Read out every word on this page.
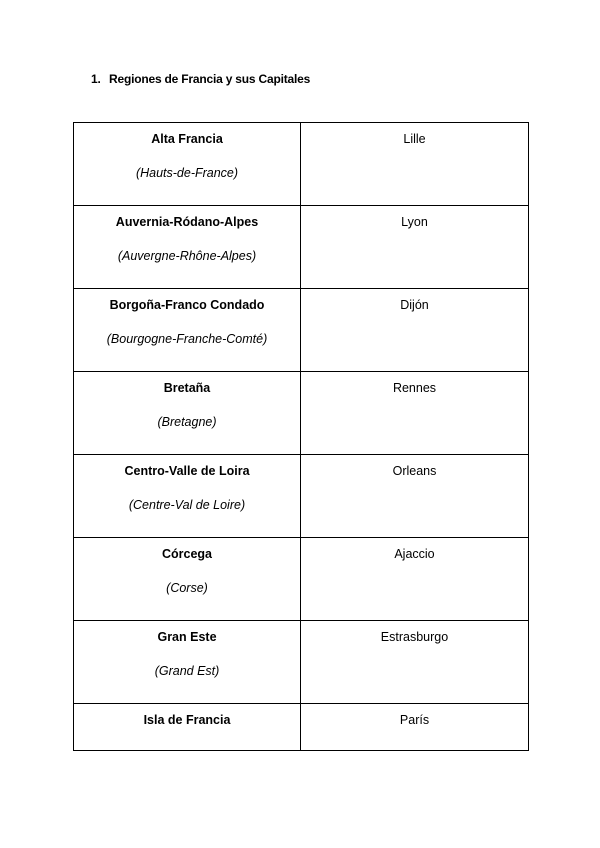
1. Regiones de Francia y sus Capitales
Alta Francia
(Hauts-de-France)	Lille

Auvernia-Ródano-Alpes
(Auvergne-Rhône-Alpes)	Lyon

Borgoña-Franco Condado
(Bourgogne-Franche-Comté)	Dijón

Bretaña
(Bretagne)	Rennes

Centro-Valle de Loira
(Centre-Val de Loire)	Orleans

Córcega
(Corse)	Ajaccio

Gran Este
(Grand Est)	Estrasburgo

Isla de Francia	París
